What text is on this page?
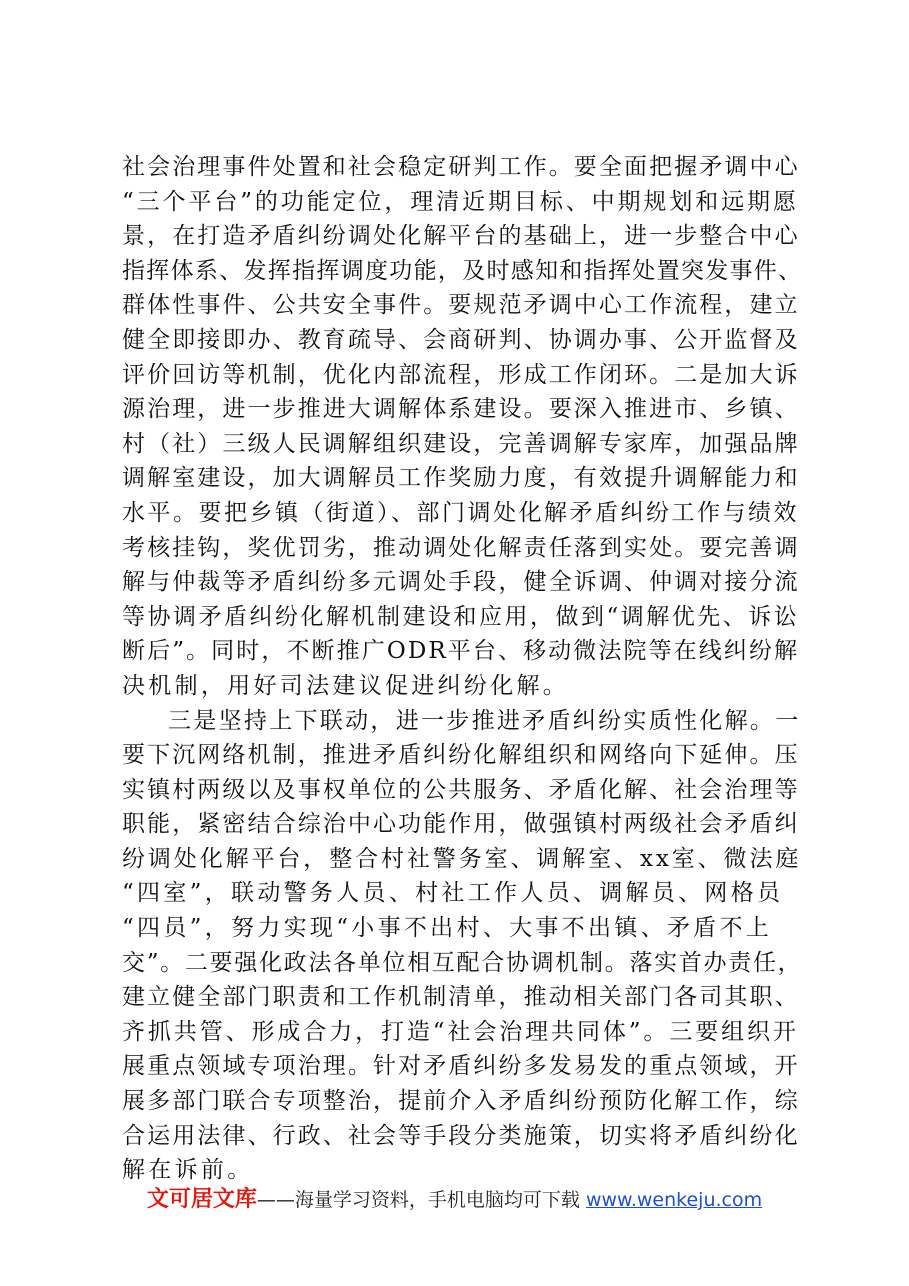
社会治理事件处置和社会稳定研判工作。要全面把握矛调中心
“三个平台”的功能定位，理清近期目标、中期规划和远期愿
景，在打造矛盾纠纷调处化解平台的基础上，进一步整合中心
指挥体系、发挥指挥调度功能，及时感知和指挥处置突发事件、
群体性事件、公共安全事件。要规范矛调中心工作流程，建立
健全即接即办、教育疏导、会商研判、协调办事、公开监督及
评价回访等机制，优化内部流程，形成工作闭环。二是加大诉
源治理，进一步推进大调解体系建设。要深入推进市、乡镇、
村（社）三级人民调解组织建设，完善调解专家库，加强品牌
调解室建设，加大调解员工作奖励力度，有效提升调解能力和
水平。要把乡镇（街道）、部门调处化解矛盾纠纷工作与绩效
考核挂钩，奖优罚劣，推动调处化解责任落到实处。要完善调
解与仲裁等矛盾纠纷多元调处手段，健全诉调、仲调对接分流
等协调矛盾纠纷化解机制建设和应用，做到“调解优先、诉讼
断后”。同时，不断推广ODR平台、移动微法院等在线纠纷解
决机制，用好司法建议促进纠纷化解。
三是坚持上下联动，进一步推进矛盾纠纷实质性化解。一
要下沉网络机制，推进矛盾纠纷化解组织和网络向下延伸。压
实镇村两级以及事权单位的公共服务、矛盾化解、社会治理等
职能，紧密结合综治中心功能作用，做强镇村两级社会矛盾纠
纷调处化解平台，整合村社警务室、调解室、xx室、微法庭
“四室”，联动警务人员、村社工作人员、调解员、网格员
“四员”，努力实现“小事不出村、大事不出镇、矛盾不上
交”。二要强化政法各单位相互配合协调机制。落实首办责任，
建立健全部门职责和工作机制清单，推动相关部门各司其职、
齐抓共管、形成合力，打造“社会治理共同体”。三要组织开
展重点领域专项治理。针对矛盾纠纷多发易发的重点领域，开
展多部门联合专项整治，提前介入矛盾纠纷预防化解工作，综
合运用法律、行政、社会等手段分类施策，切实将矛盾纠纷化
解在诉前。
文可居文库——海量学习资料，手机电脑均可下载 www.wenkeju.com
